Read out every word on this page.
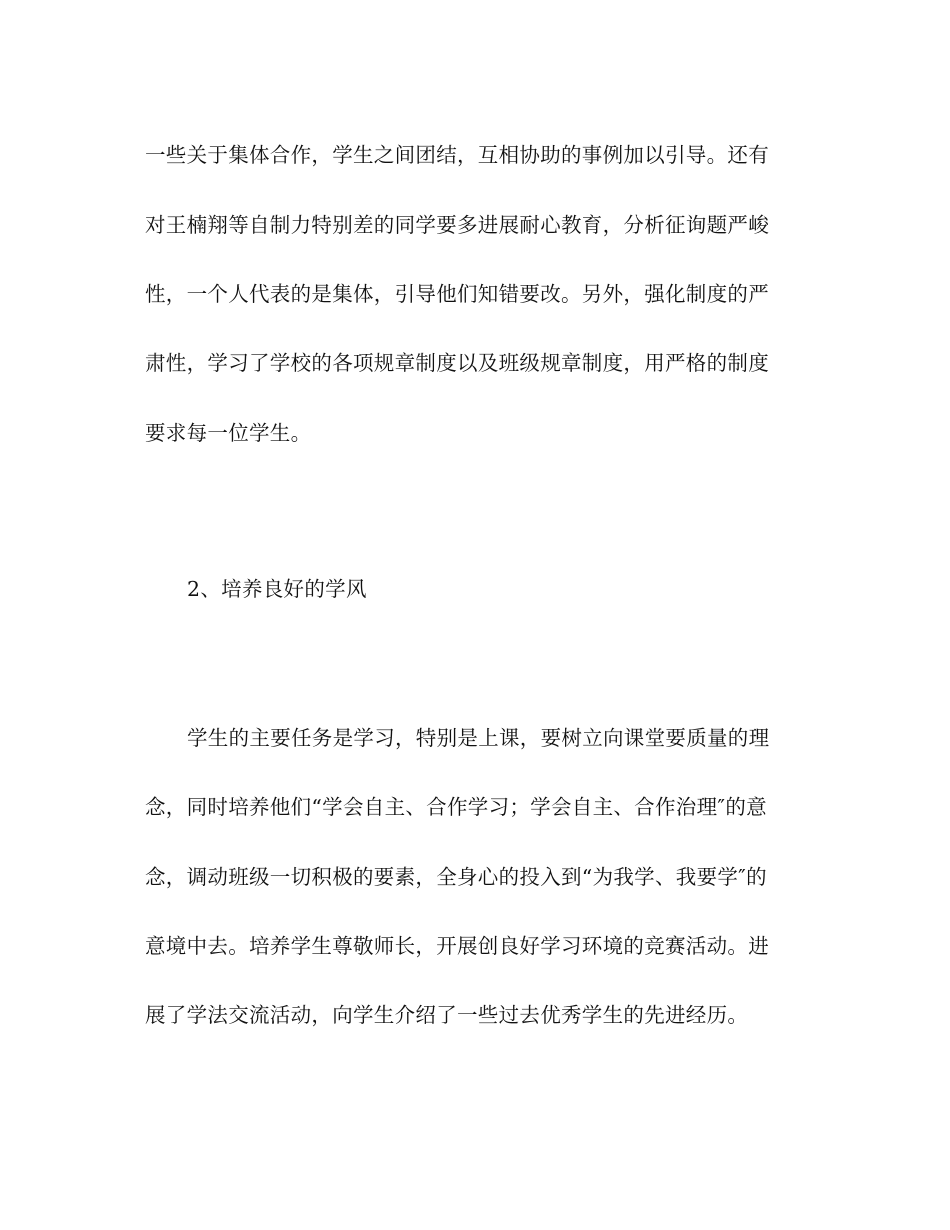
一些关于集体合作，学生之间团结，互相协助的事例加以引导。还有
对王楠翔等自制力特别差的同学要多进展耐心教育，分析征询题严峻
性，一个人代表的是集体，引导他们知错要改。另外，强化制度的严
肃性，学习了学校的各项规章制度以及班级规章制度，用严格的制度
要求每一位学生。
2、培养良好的学风
学生的主要任务是学习，特别是上课，要树立向课堂要质量的理
念，同时培养他们“学会自主、合作学习；学会自主、合作治理″的意
念，调动班级一切积极的要素，全身心的投入到“为我学、我要学″的
意境中去。培养学生尊敬师长，开展创良好学习环境的竞赛活动。进
展了学法交流活动，向学生介绍了一些过去优秀学生的先进经历。
